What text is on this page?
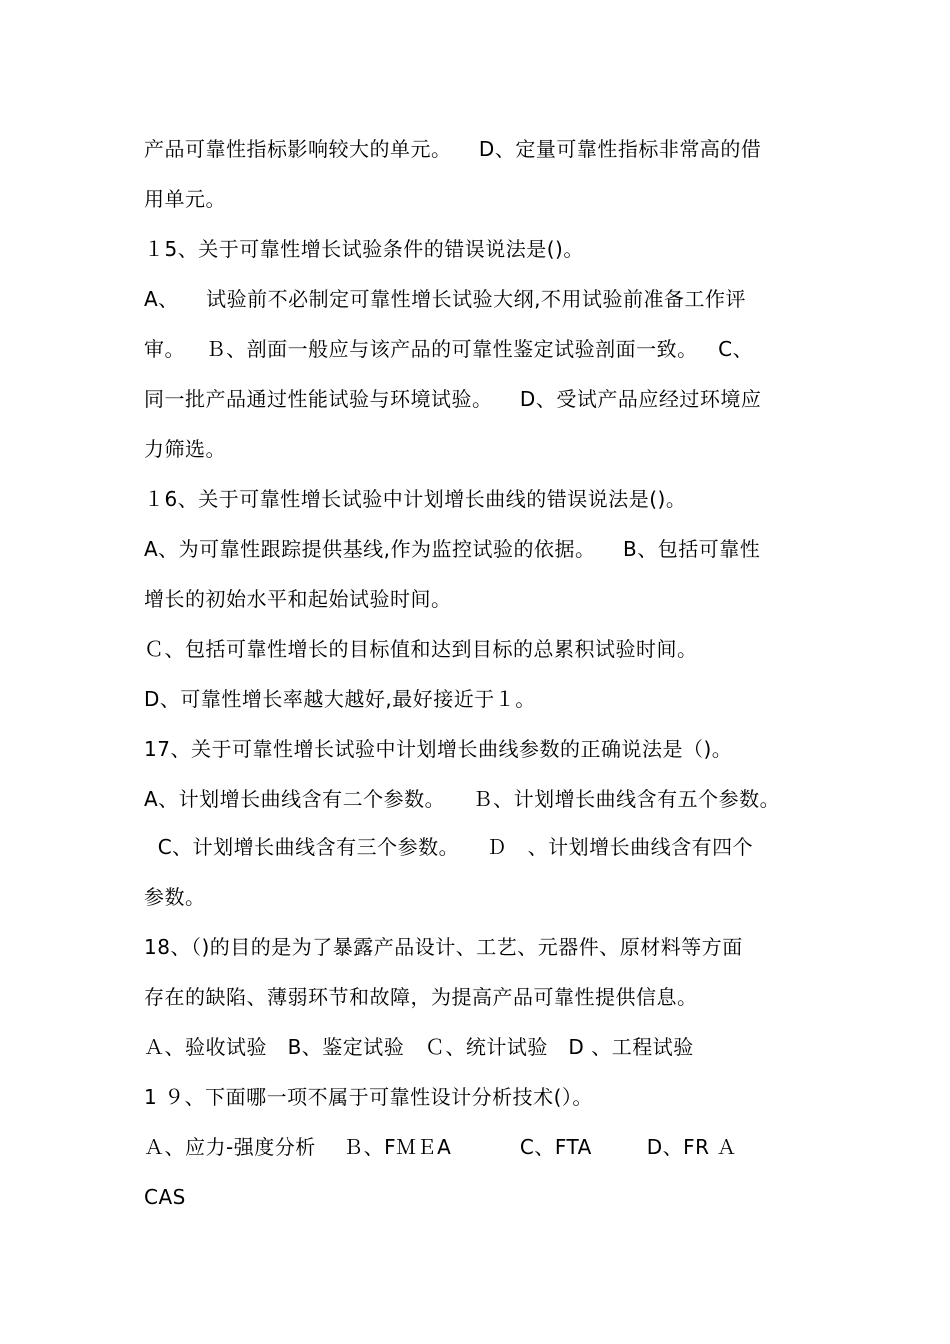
产品可靠性指标影响较大的单元。    D、定量可靠性指标非常高的借
用单元。
１5、关于可靠性增长试验条件的错误说法是()。
A、    试验前不必制定可靠性增长试验大纲,不用试验前准备工作评
审。   Ｂ、剖面一般应与该产品的可靠性鉴定试验剖面一致。   C、
同一批产品通过性能试验与环境试验。    D、受试产品应经过环境应
力筛选。
１6、关于可靠性增长试验中计划增长曲线的错误说法是()。
A、为可靠性跟踪提供基线,作为监控试验的依据。    B、包括可靠性
增长的初始水平和起始试验时间。
Ｃ、包括可靠性增长的目标值和达到目标的总累积试验时间。
D、可靠性增长率越大越好,最好接近于１。
17、关于可靠性增长试验中计划增长曲线参数的正确说法是（)。
A、计划增长曲线含有二个参数。    Ｂ、计划增长曲线含有五个参数。
C、计划增长曲线含有三个参数。    Ｄ   、计划增长曲线含有四个
参数。
18、（)的目的是为了暴露产品设计、工艺、元器件、原材料等方面
存在的缺陷、薄弱环节和故障，为提高产品可靠性提供信息。
Ａ、验收试验   B、鉴定试验   Ｃ、统计试验   D 、工程试验
1 ９、下面哪一项不属于可靠性设计分析技术(）。
Ａ、应力-强度分析    Ｂ、FＭＥA          C、FTA        D、FR Ａ
CAS
